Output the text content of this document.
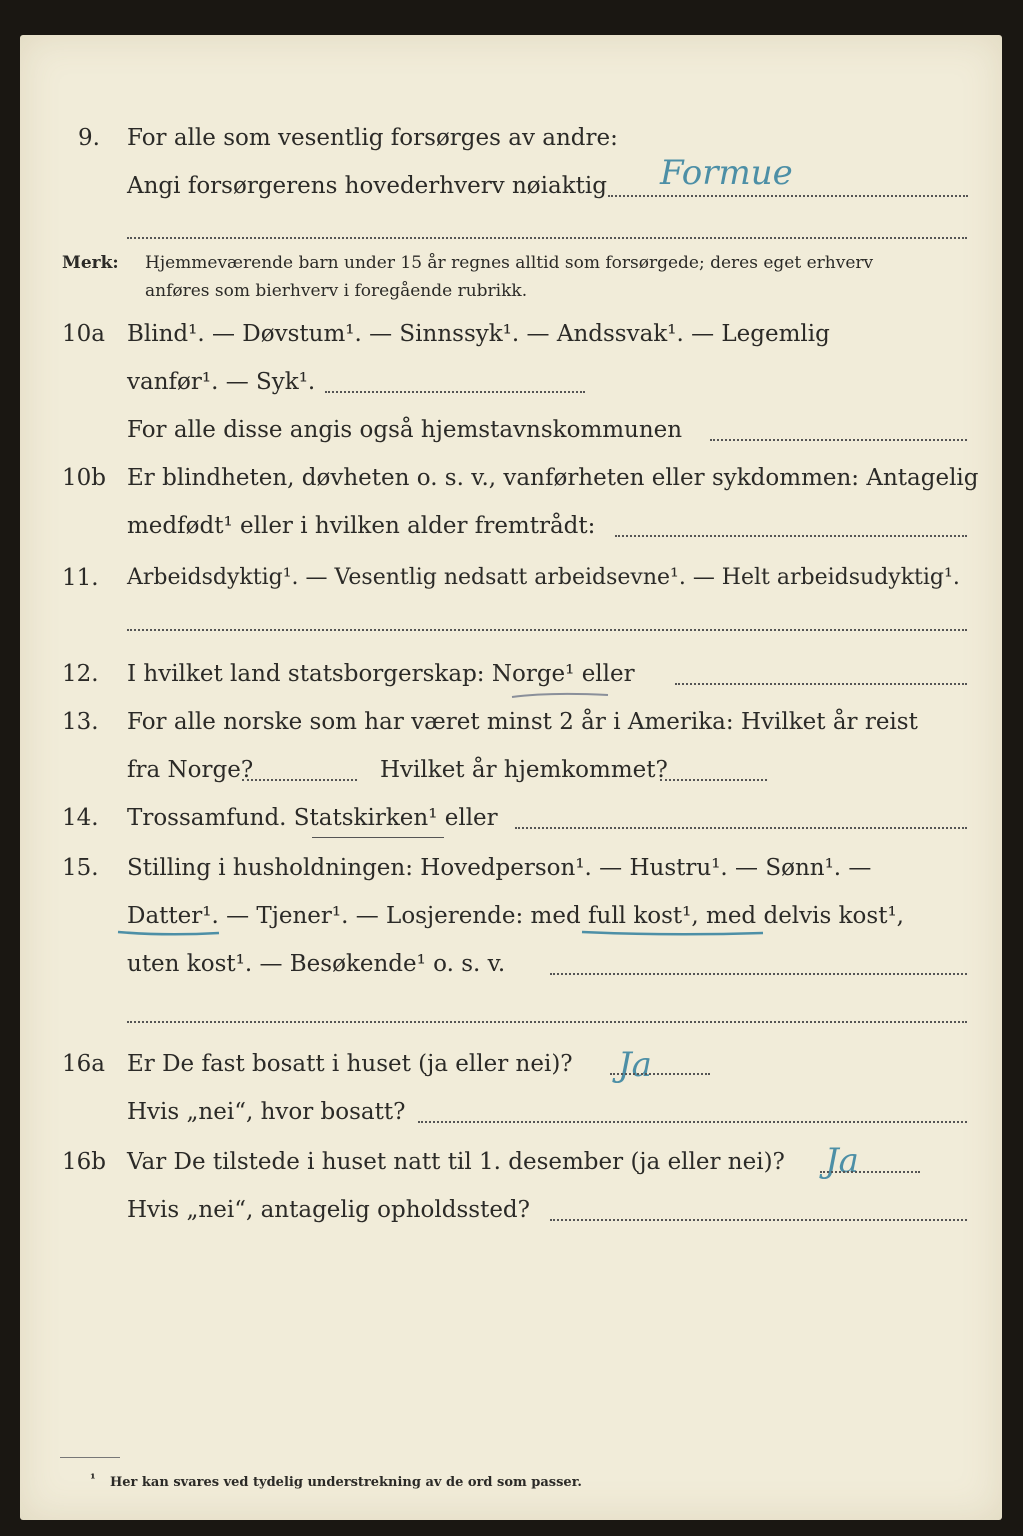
9. For alle som vesentlig forsørges av andre:
Angi forsørgerens hovederhverv nøiaktig Formue
Merk: Hjemmeværende barn under 15 år regnes alltid som forsørgede; deres eget erhverv
anføres som bierhverv i foregående rubrikk.
10a Blind¹. — Døvstum¹. — Sinnssyk¹. — Andssvak¹. — Legemlig
vanfør¹. — Syk¹.
For alle disse angis også hjemstavnskommunen
10b Er blindheten, døvheten o. s. v., vanførheten eller sykdommen: Antagelig
medfødt¹ eller i hvilken alder fremtrådt:
11. Arbeidsdyktig¹. — Vesentlig nedsatt arbeidsevne¹. — Helt arbeidsudyktig¹.
12. I hvilket land statsborgerskap: Norge¹ eller
13. For alle norske som har været minst 2 år i Amerika: Hvilket år reist
fra Norge?	Hvilket år hjemkommet?
14. Trossamfund. Statskirken¹ eller
15. Stilling i husholdningen: Hovedperson¹. — Hustru¹. — Sønn¹. —
Datter¹. — Tjener¹. — Losjerende: med full kost¹, med delvis kost¹,
uten kost¹. — Besøkende¹ o. s. v.
16a Er De fast bosatt i huset (ja eller nei)? Ja
Hvis „nei“, hvor bosatt?
16b Var De tilstede i huset natt til 1. desember (ja eller nei)? Ja
Hvis „nei“, antagelig opholdssted?
¹ Her kan svares ved tydelig understrekning av de ord som passer.
